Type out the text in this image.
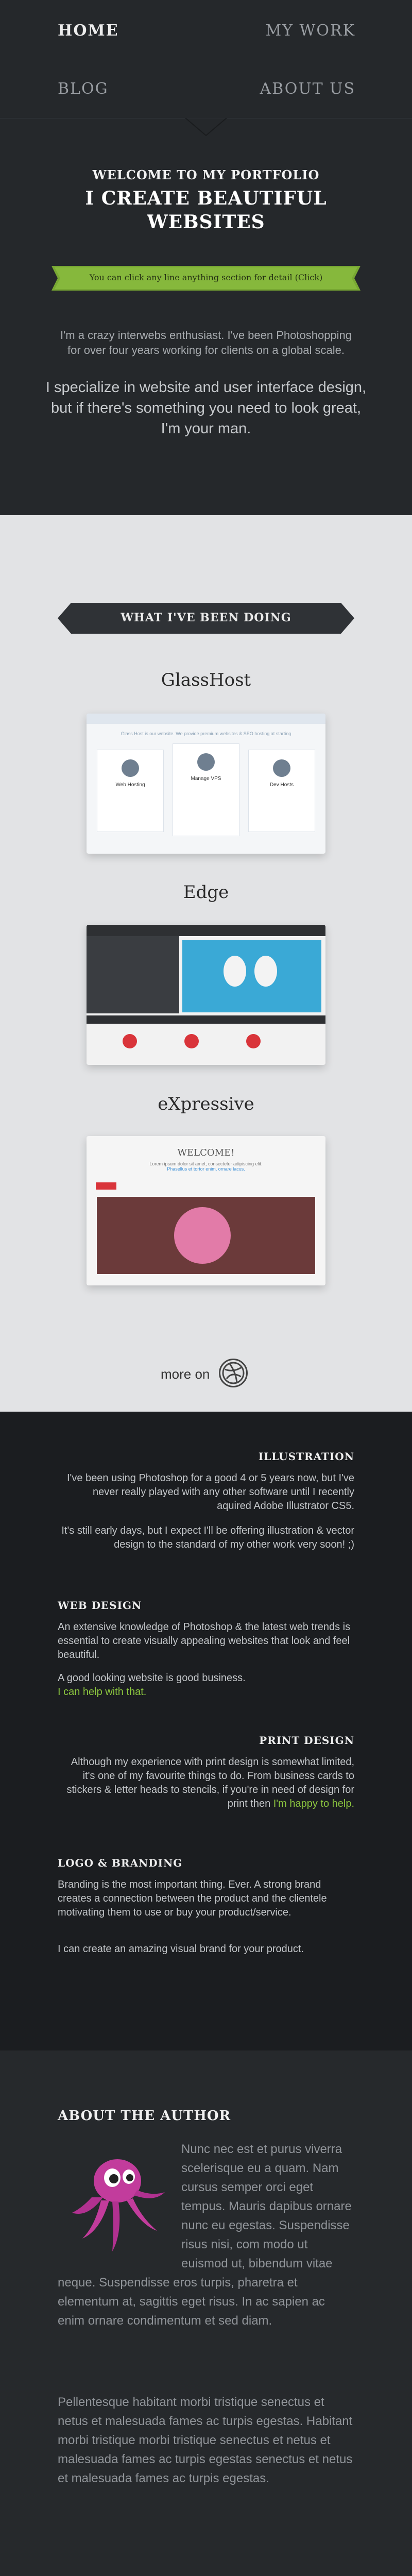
HOME	MY WORK
BLOG	ABOUT US
WELCOME TO MY PORTFOLIO
I CREATE BEAUTIFUL
WEBSITES
You can click any line anything section for detail (Click)

I'm a crazy interwebs enthusiast. I've been Photoshopping for over four years working for clients on a global scale.

I specialize in website and user interface design, but if there's something you need to look great, I'm your man.

WHAT I'VE BEEN DOING
GlassHost
Glass Host is our website. We provide premium websites & SEO hosting at starting
Web Hosting
Manage VPS
Dev Hosts
Edge
eXpressive
WELCOME!
Lorem ipsum dolor sit amet, consectetur adipiscing elit.
Phasellus et tortor enim, ornare lacus.
more on
ILLUSTRATION

I've been using Photoshop for a good 4 or 5 years now, but I've never really played with any other software until I recently aquired Adobe Illustrator CS5.

It's still early days, but I expect I'll be offering illustration & vector design to the standard of my other work very soon! ;)

WEB DESIGN

An extensive knowledge of Photoshop & the latest web trends is essential to create visually appealing websites that look and feel beautiful.

A good looking website is good business.
I can help with that.

PRINT DESIGN

Although my experience with print design is somewhat limited, it's one of my favourite things to do. From business cards to stickers & letter heads to stencils, if you're in need of design for print then I'm happy to help.

LOGO & BRANDING

Branding is the most important thing. Ever. A strong brand creates a connection between the product and the clientele motivating them to use or buy your product/service.

I can create an amazing visual brand for your product.

ABOUT THE AUTHOR

Nunc nec est et purus viverra scelerisque eu a quam. Nam cursus semper orci eget tempus. Mauris dapibus ornare nunc eu egestas. Suspendisse risus nisi, com modo ut euismod ut, bibendum vitae neque. Suspendisse eros turpis, pharetra et elementum at, sagittis eget risus. In ac sapien ac enim ornare condimentum et sed diam.

Pellentesque habitant morbi tristique senectus et netus et malesuada fames ac turpis egestas. Habitant morbi tristique morbi tristique senectus et netus et malesuada fames ac turpis egestas senectus et netus et malesuada fames ac turpis egestas.
